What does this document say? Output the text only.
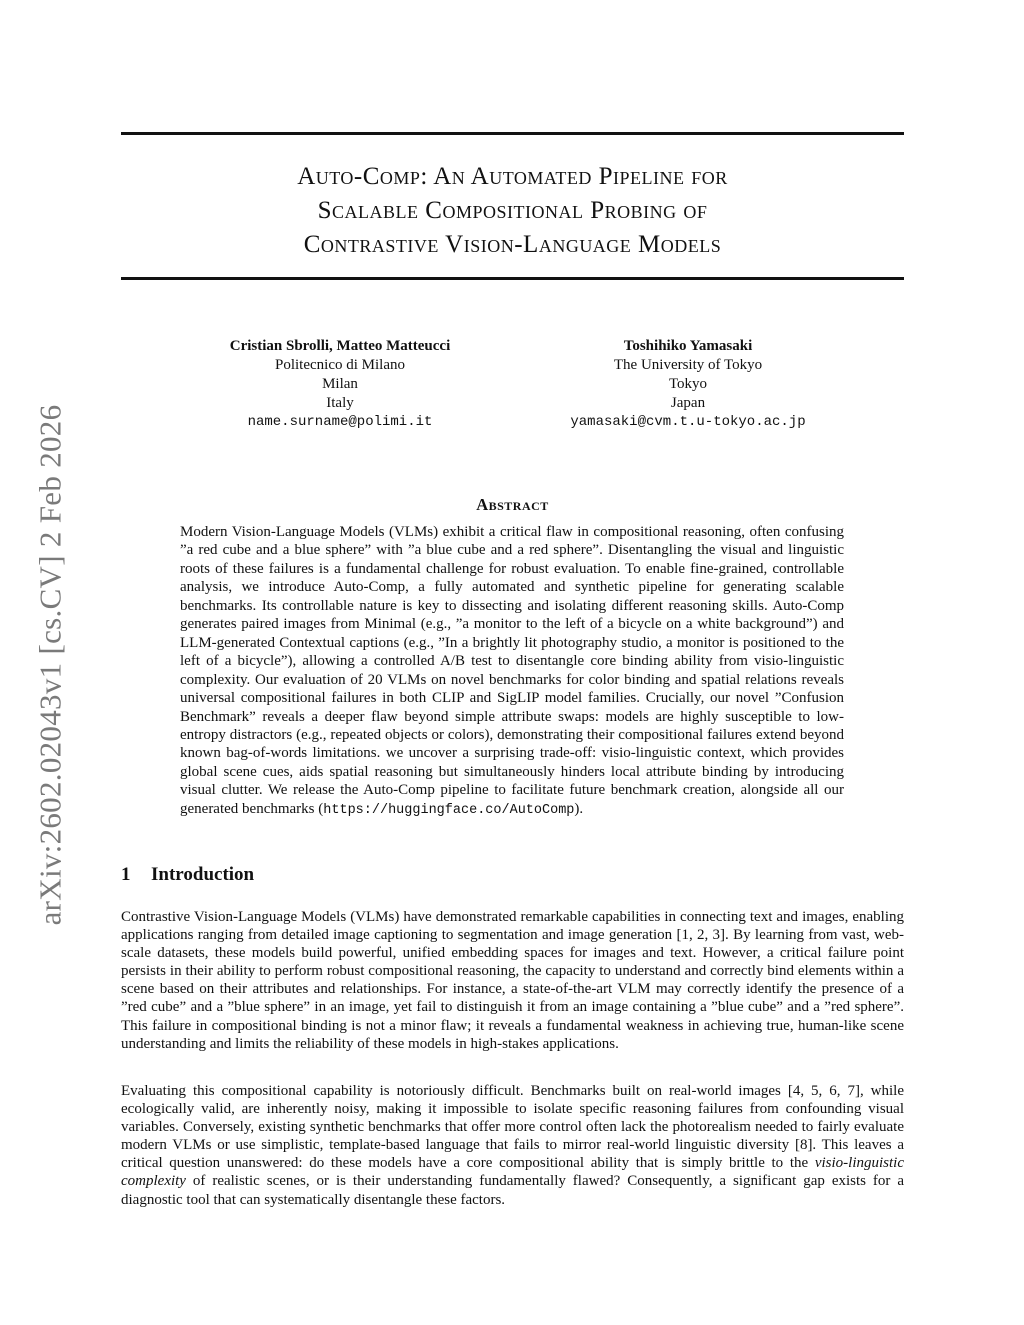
arXiv:2602.02043v1 [cs.CV] 2 Feb 2026
Auto-Comp: An Automated Pipeline for
Scalable Compositional Probing of
Contrastive Vision-Language Models
Cristian Sbrolli, Matteo Matteucci
Politecnico di Milano
Milan
Italy
name.surname@polimi.it
Toshihiko Yamasaki
The University of Tokyo
Tokyo
Japan
yamasaki@cvm.t.u-tokyo.ac.jp
Abstract

Modern Vision-Language Models (VLMs) exhibit a critical flaw in compositional reasoning, often confusing ”a red cube and a blue sphere” with ”a blue cube and a red sphere”. Disentangling the visual and linguistic roots of these failures is a fundamental challenge for robust evaluation. To enable fine-grained, controllable analysis, we introduce Auto-Comp, a fully automated and synthetic pipeline for generating scalable benchmarks. Its controllable nature is key to dissecting and isolating different reasoning skills. Auto-Comp generates paired images from Minimal (e.g., ”a monitor to the left of a bicycle on a white background”) and LLM-generated Contextual captions (e.g., ”In a brightly lit photography studio, a monitor is positioned to the left of a bicycle”), allowing a controlled A/B test to disentangle core binding ability from visio-linguistic complexity. Our evaluation of 20 VLMs on novel benchmarks for color binding and spatial relations reveals universal compositional failures in both CLIP and SigLIP model families. Crucially, our novel ”Confusion Benchmark” reveals a deeper flaw beyond simple attribute swaps: models are highly susceptible to low-entropy distractors (e.g., repeated objects or colors), demonstrating their compositional failures extend beyond known bag-of-words limitations. we uncover a surprising trade-off: visio-linguistic context, which provides global scene cues, aids spatial reasoning but simultaneously hinders local attribute binding by introducing visual clutter. We release the Auto-Comp pipeline to facilitate future benchmark creation, alongside all our generated benchmarks (https://huggingface.co/AutoComp).

1 Introduction

Contrastive Vision-Language Models (VLMs) have demonstrated remarkable capabilities in connecting text and images, enabling applications ranging from detailed image captioning to segmentation and image generation [1, 2, 3]. By learning from vast, web-scale datasets, these models build powerful, unified embedding spaces for images and text. However, a critical failure point persists in their ability to perform robust compositional reasoning, the capacity to understand and correctly bind elements within a scene based on their attributes and relationships. For instance, a state-of-the-art VLM may correctly identify the presence of a ”red cube” and a ”blue sphere” in an image, yet fail to distinguish it from an image containing a ”blue cube” and a ”red sphere”. This failure in compositional binding is not a minor flaw; it reveals a fundamental weakness in achieving true, human-like scene understanding and limits the reliability of these models in high-stakes applications.

Evaluating this compositional capability is notoriously difficult. Benchmarks built on real-world images [4, 5, 6, 7], while ecologically valid, are inherently noisy, making it impossible to isolate specific reasoning failures from confounding visual variables. Conversely, existing synthetic benchmarks that offer more control often lack the photorealism needed to fairly evaluate modern VLMs or use simplistic, template-based language that fails to mirror real-world linguistic diversity [8]. This leaves a critical question unanswered: do these models have a core compositional ability that is simply brittle to the visio-linguistic complexity of realistic scenes, or is their understanding fundamentally flawed? Consequently, a significant gap exists for a diagnostic tool that can systematically disentangle these factors.
